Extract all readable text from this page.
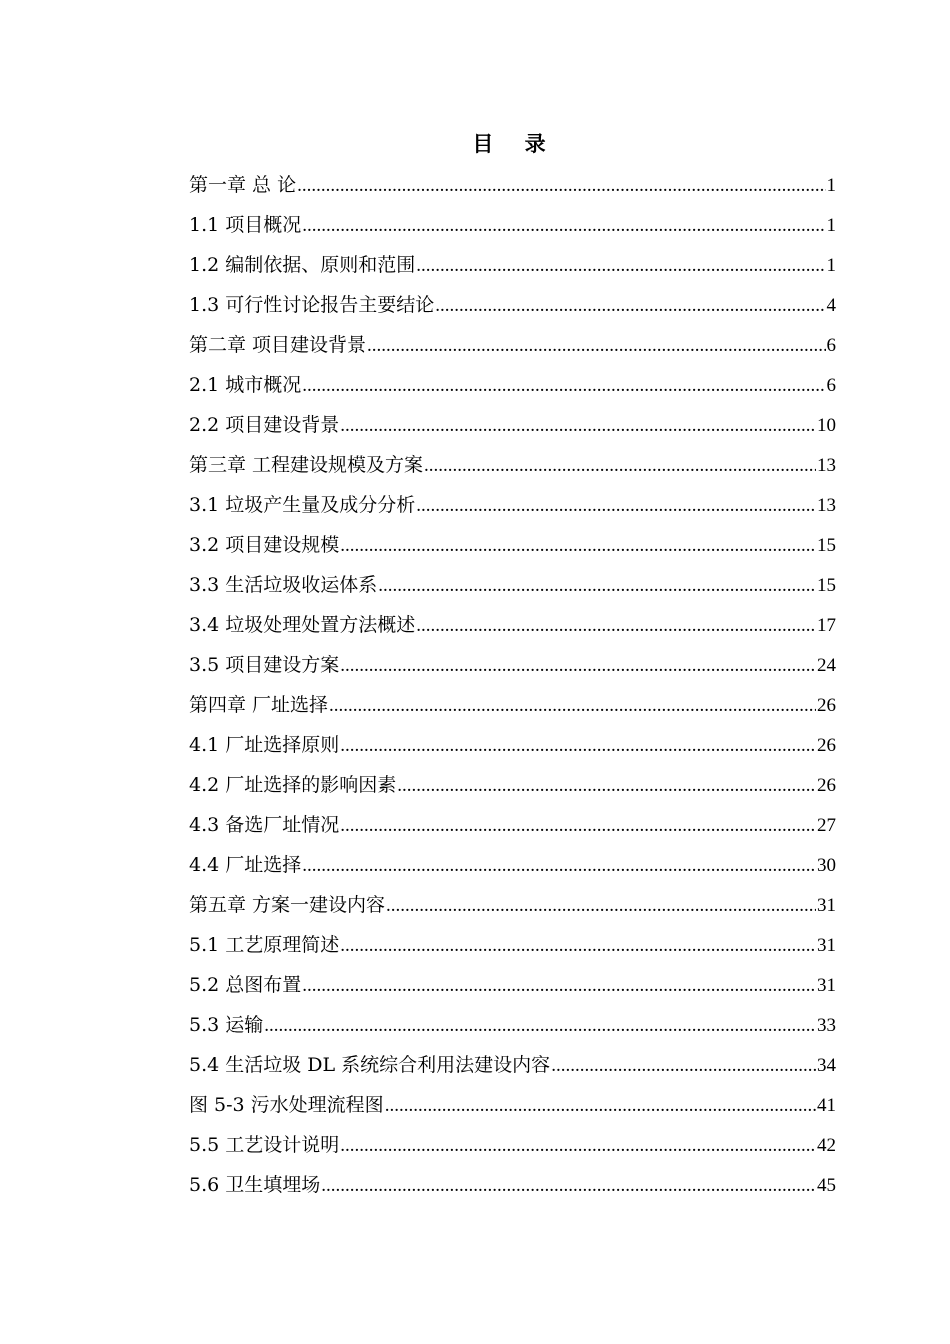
目 录
第一章 总 论 .....	1
1.1 项目概况 .....	1
1.2 编制依据、原则和范围 .....	1
1.3 可行性讨论报告主要结论 .....	4
第二章 项目建设背景 .....	6
2.1 城市概况 .....	6
2.2 项目建设背景 .....	10
第三章 工程建设规模及方案 .....	13
3.1 垃圾产生量及成分分析 .....	13
3.2 项目建设规模 .....	15
3.3 生活垃圾收运体系 .....	15
3.4 垃圾处理处置方法概述 .....	17
3.5 项目建设方案 .....	24
第四章 厂址选择 .....	26
4.1 厂址选择原则 .....	26
4.2 厂址选择的影响因素 .....	26
4.3 备选厂址情况 .....	27
4.4 厂址选择 .....	30
第五章 方案一建设内容 .....	31
5.1 工艺原理简述 .....	31
5.2 总图布置 .....	31
5.3 运输 .....	33
5.4 生活垃圾 DL 系统综合利用法建设内容 .....	34
图 5-3 污水处理流程图 .....	41
5.5 工艺设计说明 .....	42
5.6 卫生填埋场 .....	45
